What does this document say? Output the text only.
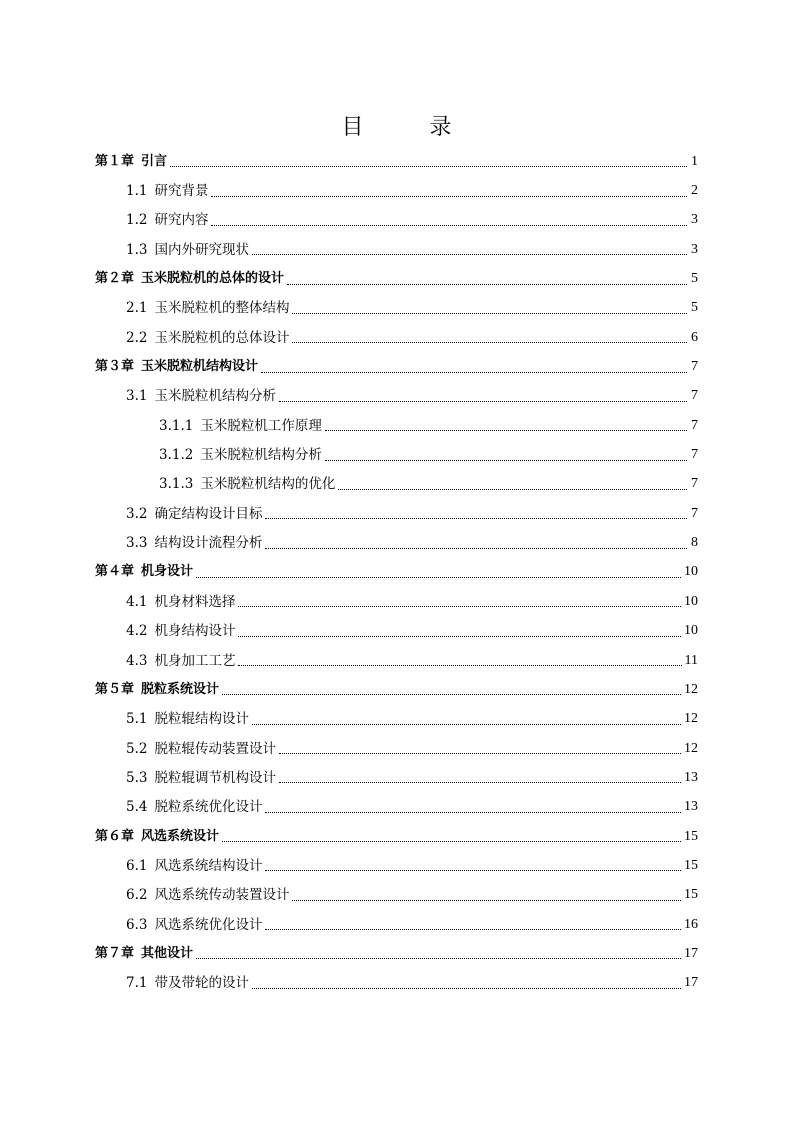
目　录
第１章 引言	1
1.1 研究背景	2
1.2 研究内容	3
1.3 国内外研究现状	3
第２章 玉米脱粒机的总体的设计	5
2.1 玉米脱粒机的整体结构	5
2.2 玉米脱粒机的总体设计	6
第３章 玉米脱粒机结构设计	7
3.1 玉米脱粒机结构分析	7
3.1.1 玉米脱粒机工作原理	7
3.1.2 玉米脱粒机结构分析	7
3.1.3 玉米脱粒机结构的优化	7
3.2 确定结构设计目标	7
3.3 结构设计流程分析	8
第４章 机身设计	10
4.1 机身材料选择	10
4.2 机身结构设计	10
4.3 机身加工工艺	11
第５章 脱粒系统设计	12
5.1 脱粒辊结构设计	12
5.2 脱粒辊传动装置设计	12
5.3 脱粒辊调节机构设计	13
5.4 脱粒系统优化设计	13
第６章 风选系统设计	15
6.1 风选系统结构设计	15
6.2 风选系统传动装置设计	15
6.3 风选系统优化设计	16
第７章 其他设计	17
7.1 带及带轮的设计	17
